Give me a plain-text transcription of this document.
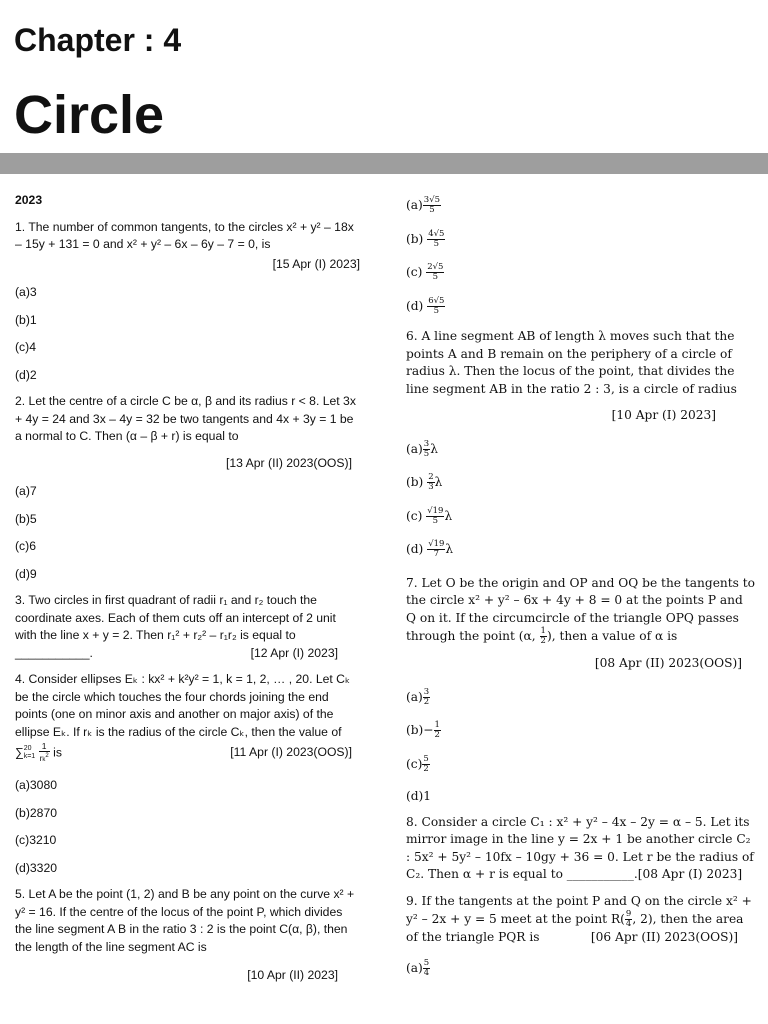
Chapter : 4
Circle
2023

1. The number of common tangents, to the circles x² + y² – 18x – 15y + 131 = 0 and x² + y² – 6x – 6y – 7 = 0, is

[15 Apr (I) 2023]
(a)3
(b)1
(c)4
(d)2

2. Let the centre of a circle C be α, β and its radius r < 8. Let 3x + 4y = 24 and 3x – 4y = 32 be two tangents and 4x + 3y = 1 be a normal to C. Then (α – β + r) is equal to

[13 Apr (II) 2023(OOS)]
(a)7
(b)5
(c)6
(d)9

3. Two circles in first quadrant of radii r₁ and r₂ touch the coordinate axes. Each of them cuts off an intercept of 2 unit with the line x + y = 2. Then r₁² + r₂² – r₁r₂ is equal to

___________.	[12 Apr (I) 2023]

4. Consider ellipses Eₖ : kx² + k²y² = 1, k = 1, 2, … , 20. Let Cₖ be the circle which touches the four chords joining the end points (one on minor axis and another on major axis) of the ellipse Eₖ. If rₖ is the radius of the circle Cₖ, then the value of

∑ 20
k=1
$\frac{1}{rk^2}$ is	[11 Apr (I) 2023(OOS)]
(a)3080
(b)2870
(c)3210
(d)3320

5. Let A be the point (1, 2) and B be any point on the curve x² + y² = 16. If the centre of the locus of the point P, which divides the line segment A B in the ratio 3 : 2 is the point C(α, β), then the length of the line segment AC is

[10 Apr (II) 2023]
$(a) \frac{3√5}{5}$
$(b) \frac{4√5}{5}$
$(c) \frac{2√5}{5}$
$(d) \frac{6√5}{5}$

6. A line segment AB of length λ moves such that the points A and B remain on the periphery of a circle of radius λ. Then the locus of the point, that divides the line segment AB in the ratio 2 : 3, is a circle of radius

[10 Apr (I) 2023]
$(a) \frac{3}{5}$ λ
$(b) \frac{2}{3}$ λ
$(c) \frac{√19}{5}$ λ
$(d) \frac{√19}{7}$ λ

7. Let O be the origin and OP and OQ be the tangents to the circle x² + y² – 6x + 4y + 8 = 0 at the points P and Q on it. If the circumcircle of the triangle OPQ passes through the point (α, $\frac{1}{2}$ ), then a value of α is

[08 Apr (II) 2023(OOS)]
$(a) \frac{3}{2}$
$(b)- \frac{1}{2}$
$(c) \frac{5}{2}$
(d)1

8. Consider a circle C₁ : x² + y² – 4x – 2y = α – 5. Let its mirror image in the line y = 2x + 1 be another circle C₂ : 5x² + 5y² – 10fx – 10gy + 36 = 0. Let r be the radius of C₂. Then α + r is equal to ___________.[08 Apr (I) 2023]

9. If the tangents at the point P and Q on the circle x² + y² – 2x + y = 5 meet at the point $R( \frac{9}{4}$ , 2), then the area of the triangle PQR is	[06 Apr (II) 2023(OOS)]

$(a) \frac{5}{4}$
